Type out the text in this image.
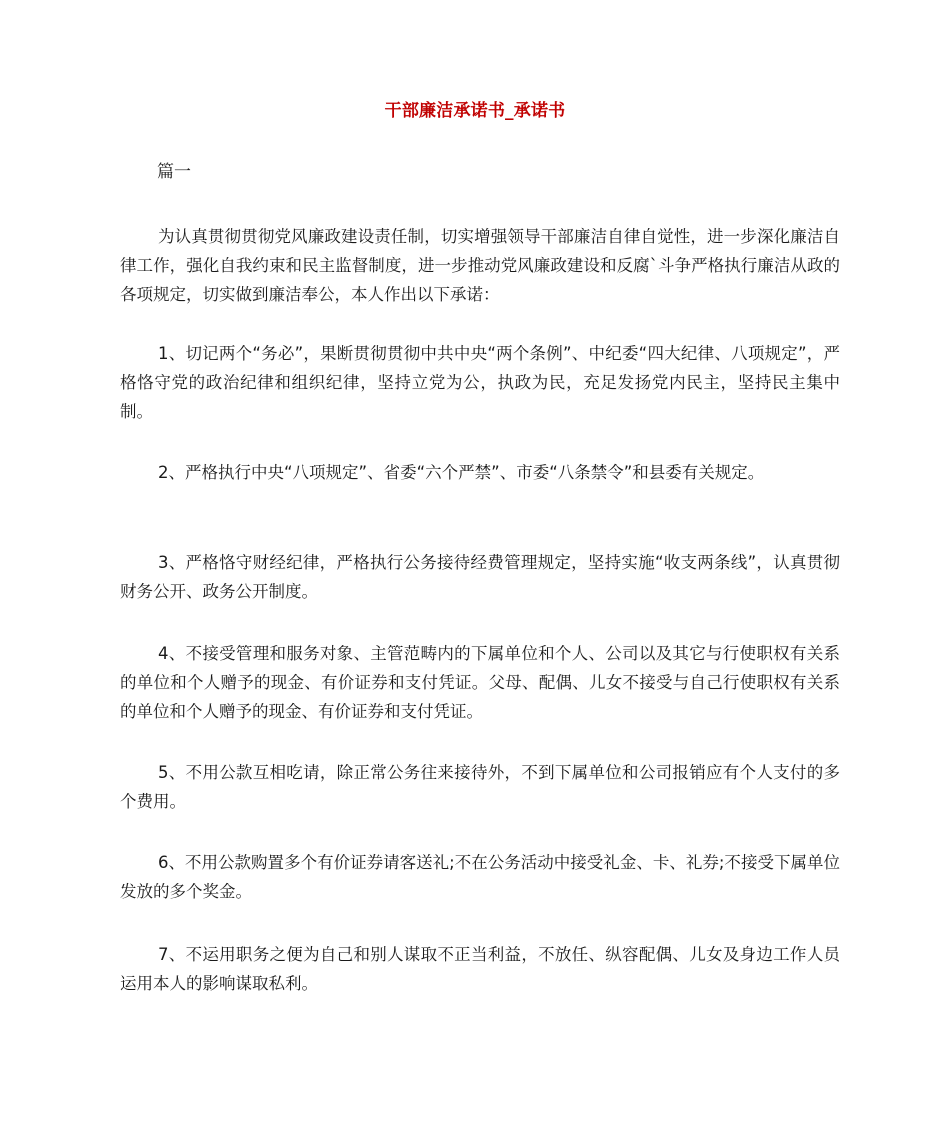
干部廉洁承诺书_承诺书
篇一

为认真贯彻贯彻党风廉政建设责任制，切实增强领导干部廉洁自律自觉性，进一步深化廉洁自律工作，强化自我约束和民主监督制度，进一步推动党风廉政建设和反腐`斗争严格执行廉洁从政的各项规定，切实做到廉洁奉公，本人作出以下承诺：

1、切记两个“务必”，果断贯彻贯彻中共中央“两个条例”、中纪委“四大纪律、八项规定”，严格恪守党的政治纪律和组织纪律，坚持立党为公，执政为民，充足发扬党内民主，坚持民主集中制。

2、严格执行中央“八项规定”、省委“六个严禁”、市委“八条禁令”和县委有关规定。

3、严格恪守财经纪律，严格执行公务接待经费管理规定，坚持实施“收支两条线”，认真贯彻财务公开、政务公开制度。

4、不接受管理和服务对象、主管范畴内的下属单位和个人、公司以及其它与行使职权有关系的单位和个人赠予的现金、有价证券和支付凭证。父母、配偶、儿女不接受与自己行使职权有关系的单位和个人赠予的现金、有价证券和支付凭证。

5、不用公款互相吃请，除正常公务往来接待外，不到下属单位和公司报销应有个人支付的多个费用。

6、不用公款购置多个有价证券请客送礼;不在公务活动中接受礼金、卡、礼券;不接受下属单位发放的多个奖金。

7、不运用职务之便为自己和别人谋取不正当利益，不放任、纵容配偶、儿女及身边工作人员运用本人的影响谋取私利。
